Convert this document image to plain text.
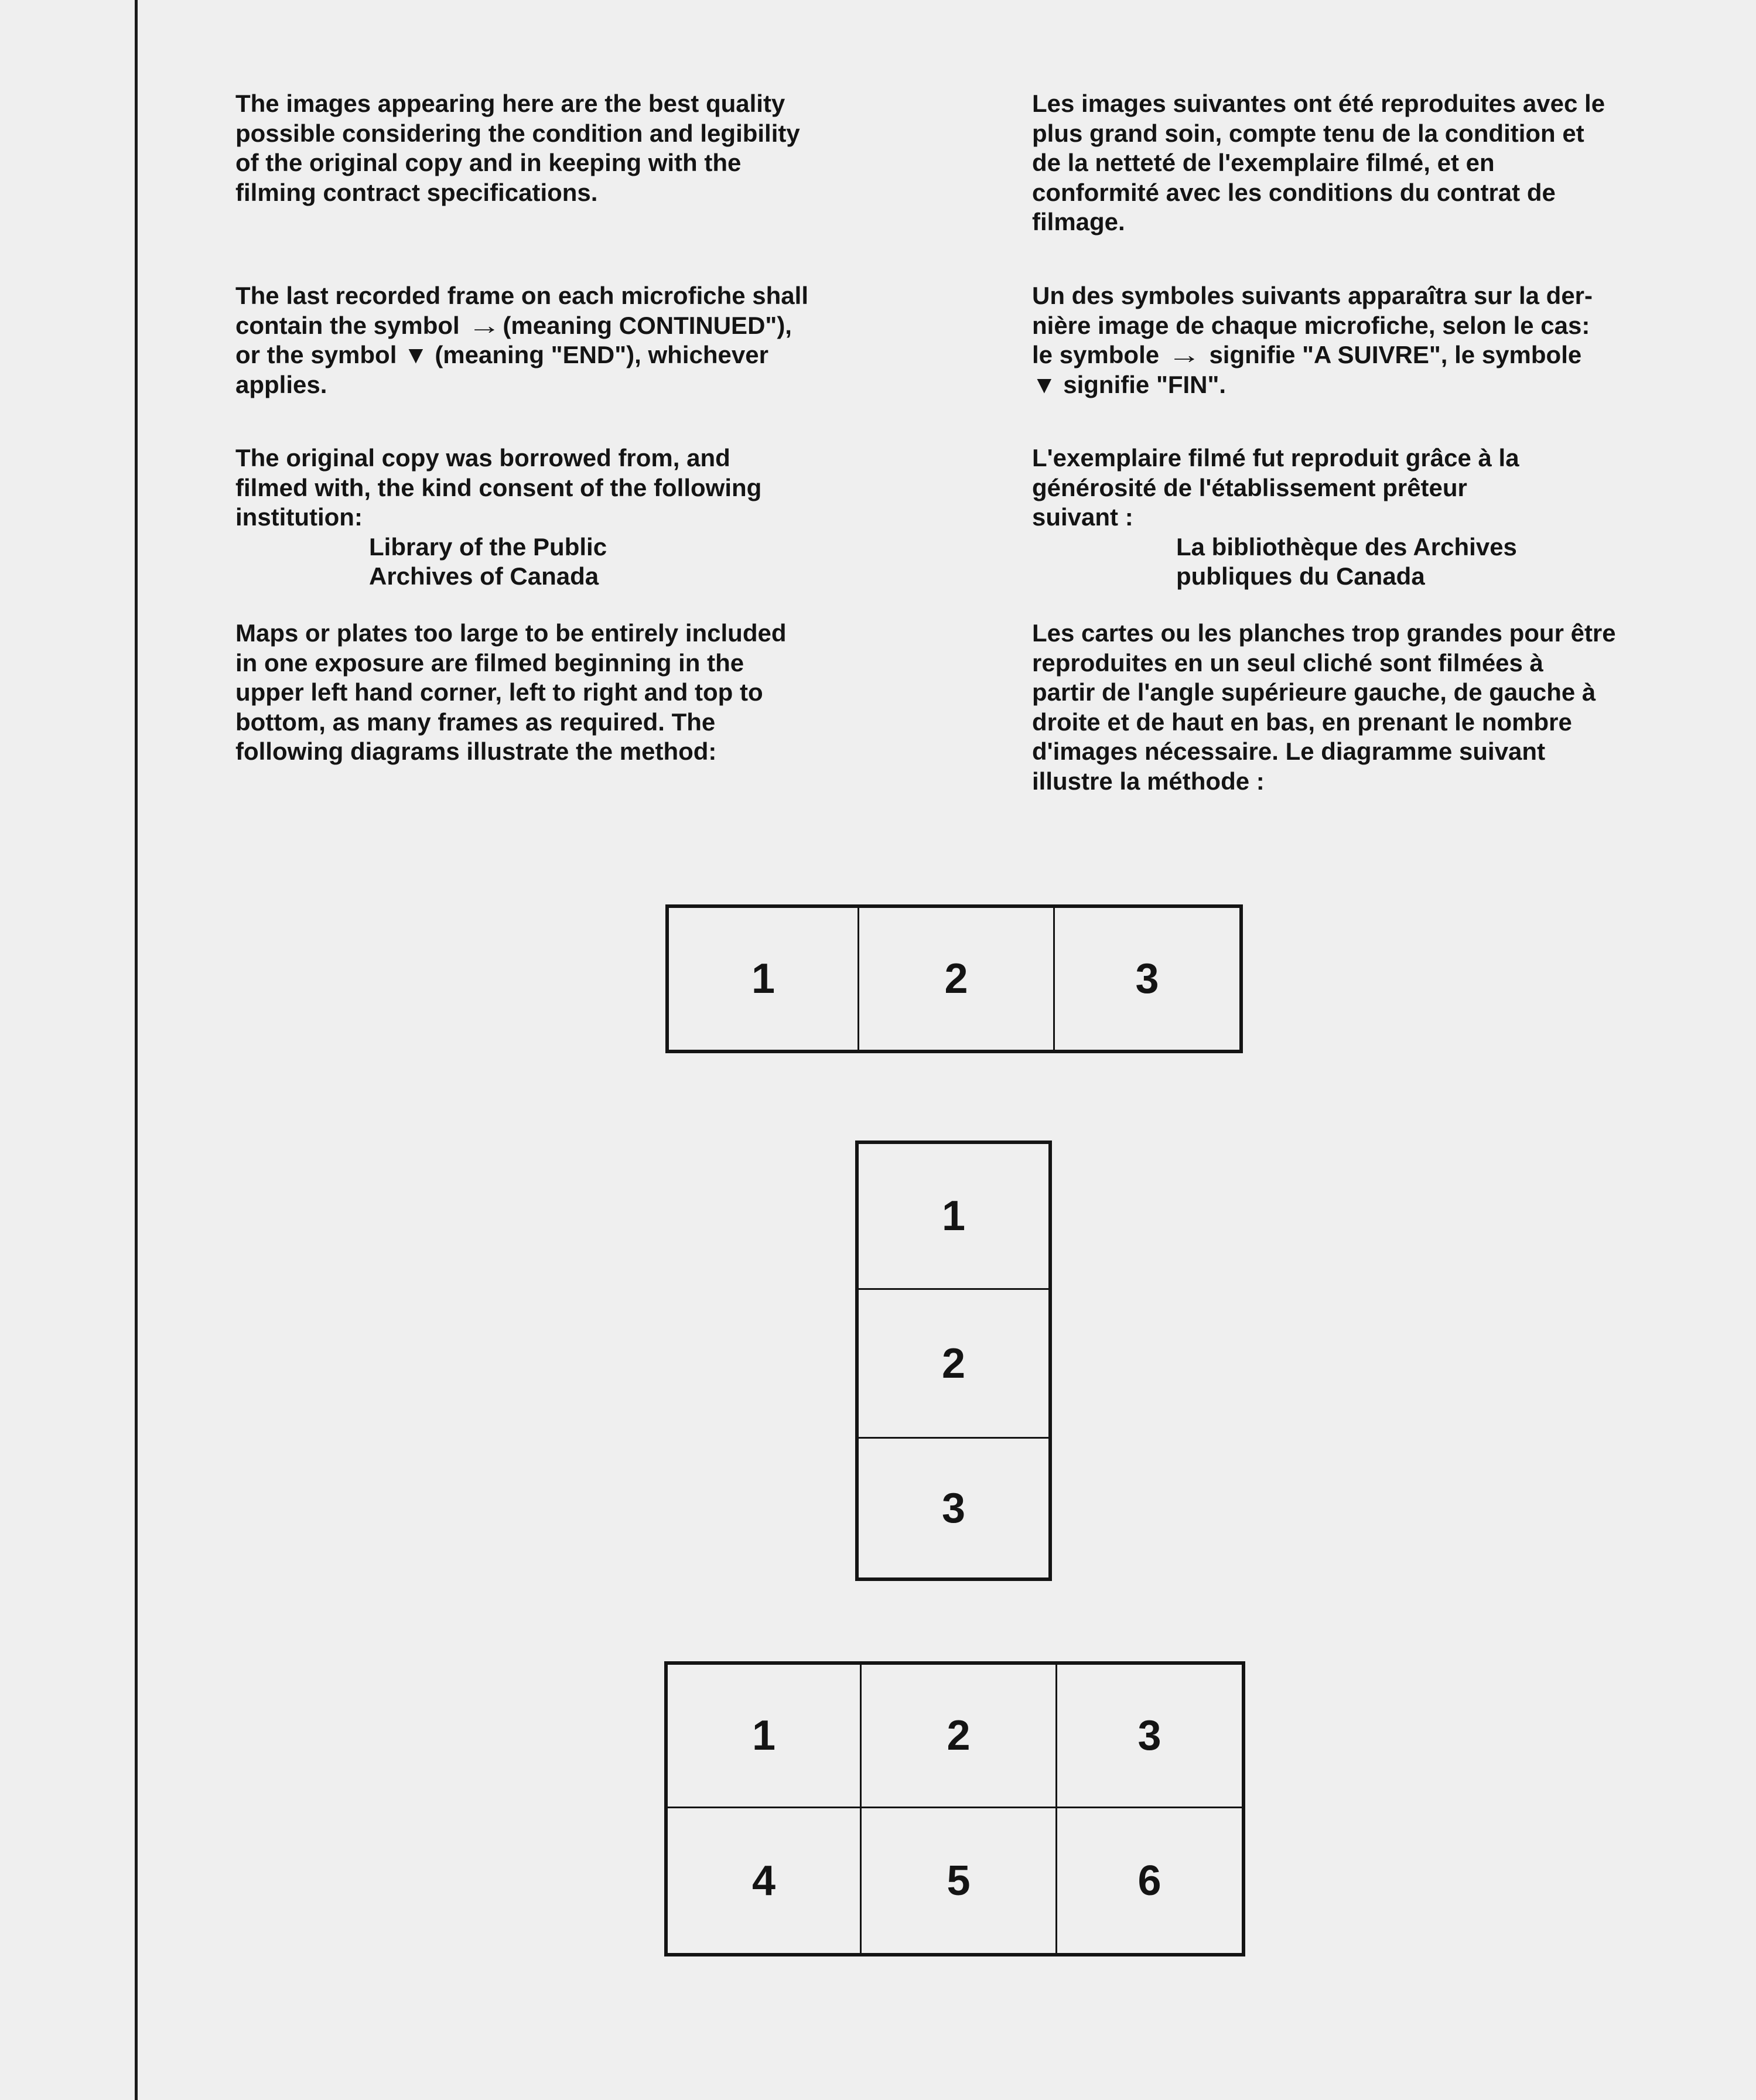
The images appearing here are the best quality
possible considering the condition and legibility
of the original copy and in keeping with the
filming contract specifications.

The last recorded frame on each microfiche shall
contain the symbol →(meaning CONTINUED"),
or the symbol ▼ (meaning "END"), whichever
applies.

The original copy was borrowed from, and
filmed with, the kind consent of the following
institution:
Library of the Public
Archives of Canada

Maps or plates too large to be entirely included
in one exposure are filmed beginning in the
upper left hand corner, left to right and top to
bottom, as many frames as required. The
following diagrams illustrate the method:

Les images suivantes ont été reproduites avec le
plus grand soin, compte tenu de la condition et
de la netteté de l'exemplaire filmé, et en
conformité avec les conditions du contrat de
filmage.

Un des symboles suivants apparaîtra sur la der-
nière image de chaque microfiche, selon le cas:
le symbole → signifie "A SUIVRE", le symbole
▼ signifie "FIN".

L'exemplaire filmé fut reproduit grâce à la
générosité de l'établissement prêteur
suivant :
La bibliothèque des Archives
publiques du Canada

Les cartes ou les planches trop grandes pour être
reproduites en un seul cliché sont filmées à
partir de l'angle supérieure gauche, de gauche à
droite et de haut en bas, en prenant le nombre
d'images nécessaire. Le diagramme suivant
illustre la méthode :

1	2	3
1
2
3
1	2	3
4	5	6
